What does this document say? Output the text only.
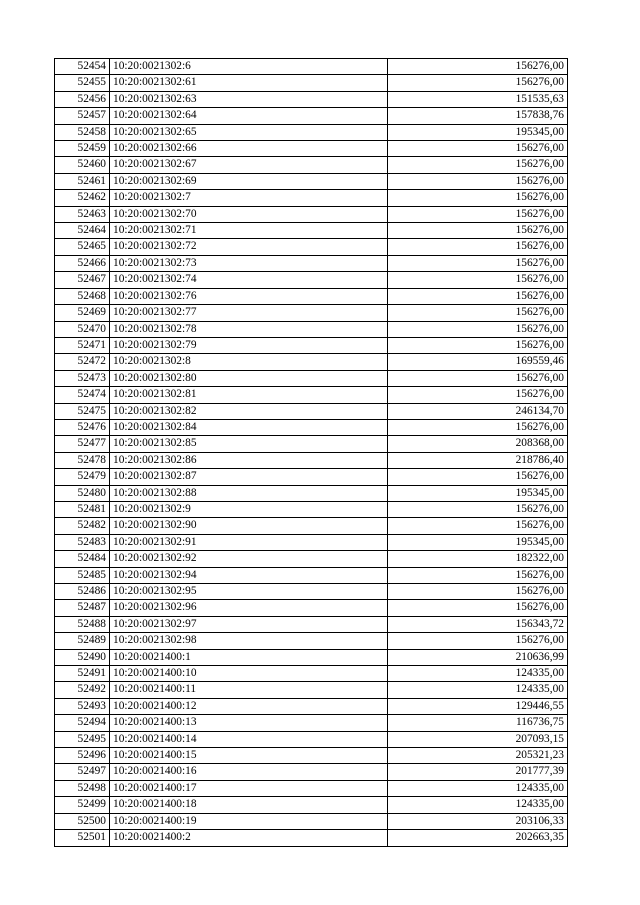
52454	10:20:0021302:6	156276,00
52455	10:20:0021302:61	156276,00
52456	10:20:0021302:63	151535,63
52457	10:20:0021302:64	157838,76
52458	10:20:0021302:65	195345,00
52459	10:20:0021302:66	156276,00
52460	10:20:0021302:67	156276,00
52461	10:20:0021302:69	156276,00
52462	10:20:0021302:7	156276,00
52463	10:20:0021302:70	156276,00
52464	10:20:0021302:71	156276,00
52465	10:20:0021302:72	156276,00
52466	10:20:0021302:73	156276,00
52467	10:20:0021302:74	156276,00
52468	10:20:0021302:76	156276,00
52469	10:20:0021302:77	156276,00
52470	10:20:0021302:78	156276,00
52471	10:20:0021302:79	156276,00
52472	10:20:0021302:8	169559,46
52473	10:20:0021302:80	156276,00
52474	10:20:0021302:81	156276,00
52475	10:20:0021302:82	246134,70
52476	10:20:0021302:84	156276,00
52477	10:20:0021302:85	208368,00
52478	10:20:0021302:86	218786,40
52479	10:20:0021302:87	156276,00
52480	10:20:0021302:88	195345,00
52481	10:20:0021302:9	156276,00
52482	10:20:0021302:90	156276,00
52483	10:20:0021302:91	195345,00
52484	10:20:0021302:92	182322,00
52485	10:20:0021302:94	156276,00
52486	10:20:0021302:95	156276,00
52487	10:20:0021302:96	156276,00
52488	10:20:0021302:97	156343,72
52489	10:20:0021302:98	156276,00
52490	10:20:0021400:1	210636,99
52491	10:20:0021400:10	124335,00
52492	10:20:0021400:11	124335,00
52493	10:20:0021400:12	129446,55
52494	10:20:0021400:13	116736,75
52495	10:20:0021400:14	207093,15
52496	10:20:0021400:15	205321,23
52497	10:20:0021400:16	201777,39
52498	10:20:0021400:17	124335,00
52499	10:20:0021400:18	124335,00
52500	10:20:0021400:19	203106,33
52501	10:20:0021400:2	202663,35
